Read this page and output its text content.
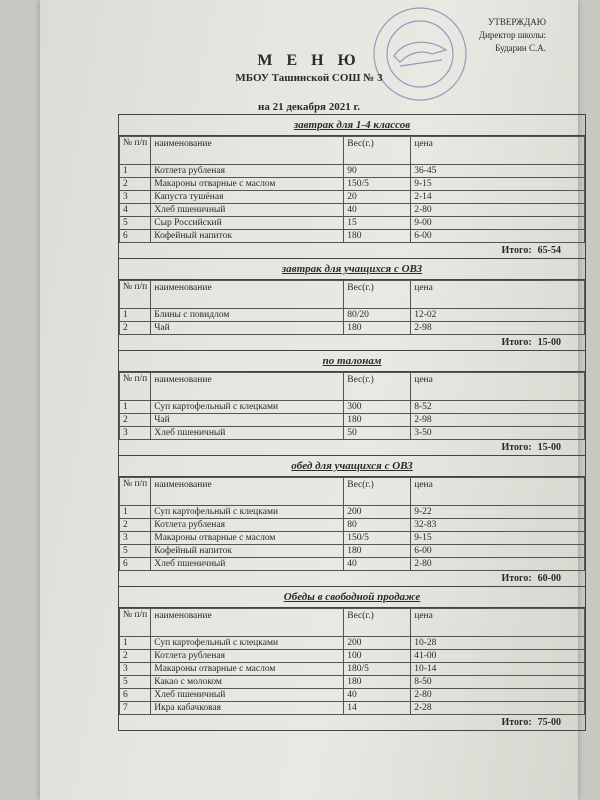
УТВЕРЖДАЮ
Директор школы:
Бударин С.А.
М Е Н Ю
МБОУ Ташинской СОШ № 3
на 21 декабря 2021 г.
завтрак для 1-4 классов
№ п/п	наименование	Вес(г.)	цена
1	Котлета рубленая	90	36-45
2	Макароны отварные с маслом	150/5	9-15
3	Капуста тушёная	20	2-14
4	Хлеб пшеничный	40	2-80
5	Сыр Российский	15	9-00
6	Кофейный напиток	180	6-00
Итого: 65-54
завтрак для учащихся с ОВЗ
№ п/п	наименование	Вес(г.)	цена
1	Блины с повидлом	80/20	12-02
2	Чай	180	2-98
Итого: 15-00
по талонам
№ п/п	наименование	Вес(г.)	цена
1	Суп картофельный с клецками	300	8-52
2	Чай	180	2-98
3	Хлеб пшеничный	50	3-50
Итого: 15-00
обед для учащихся с ОВЗ
№ п/п	наименование	Вес(г.)	цена
1	Суп картофельный с клецками	200	9-22
2	Котлета рубленая	80	32-83
3	Макароны отварные с маслом	150/5	9-15
5	Кофейный напиток	180	6-00
6	Хлеб пшеничный	40	2-80
Итого: 60-00
Обеды в свободной продаже
№ п/п	наименование	Вес(г.)	цена
1	Суп картофельный с клецками	200	10-28
2	Котлета рубленая	100	41-00
3	Макароны отварные с маслом	180/5	10-14
5	Какао с молоком	180	8-50
6	Хлеб пшеничный	40	2-80
7	Икра кабачковая	14	2-28
Итого: 75-00
